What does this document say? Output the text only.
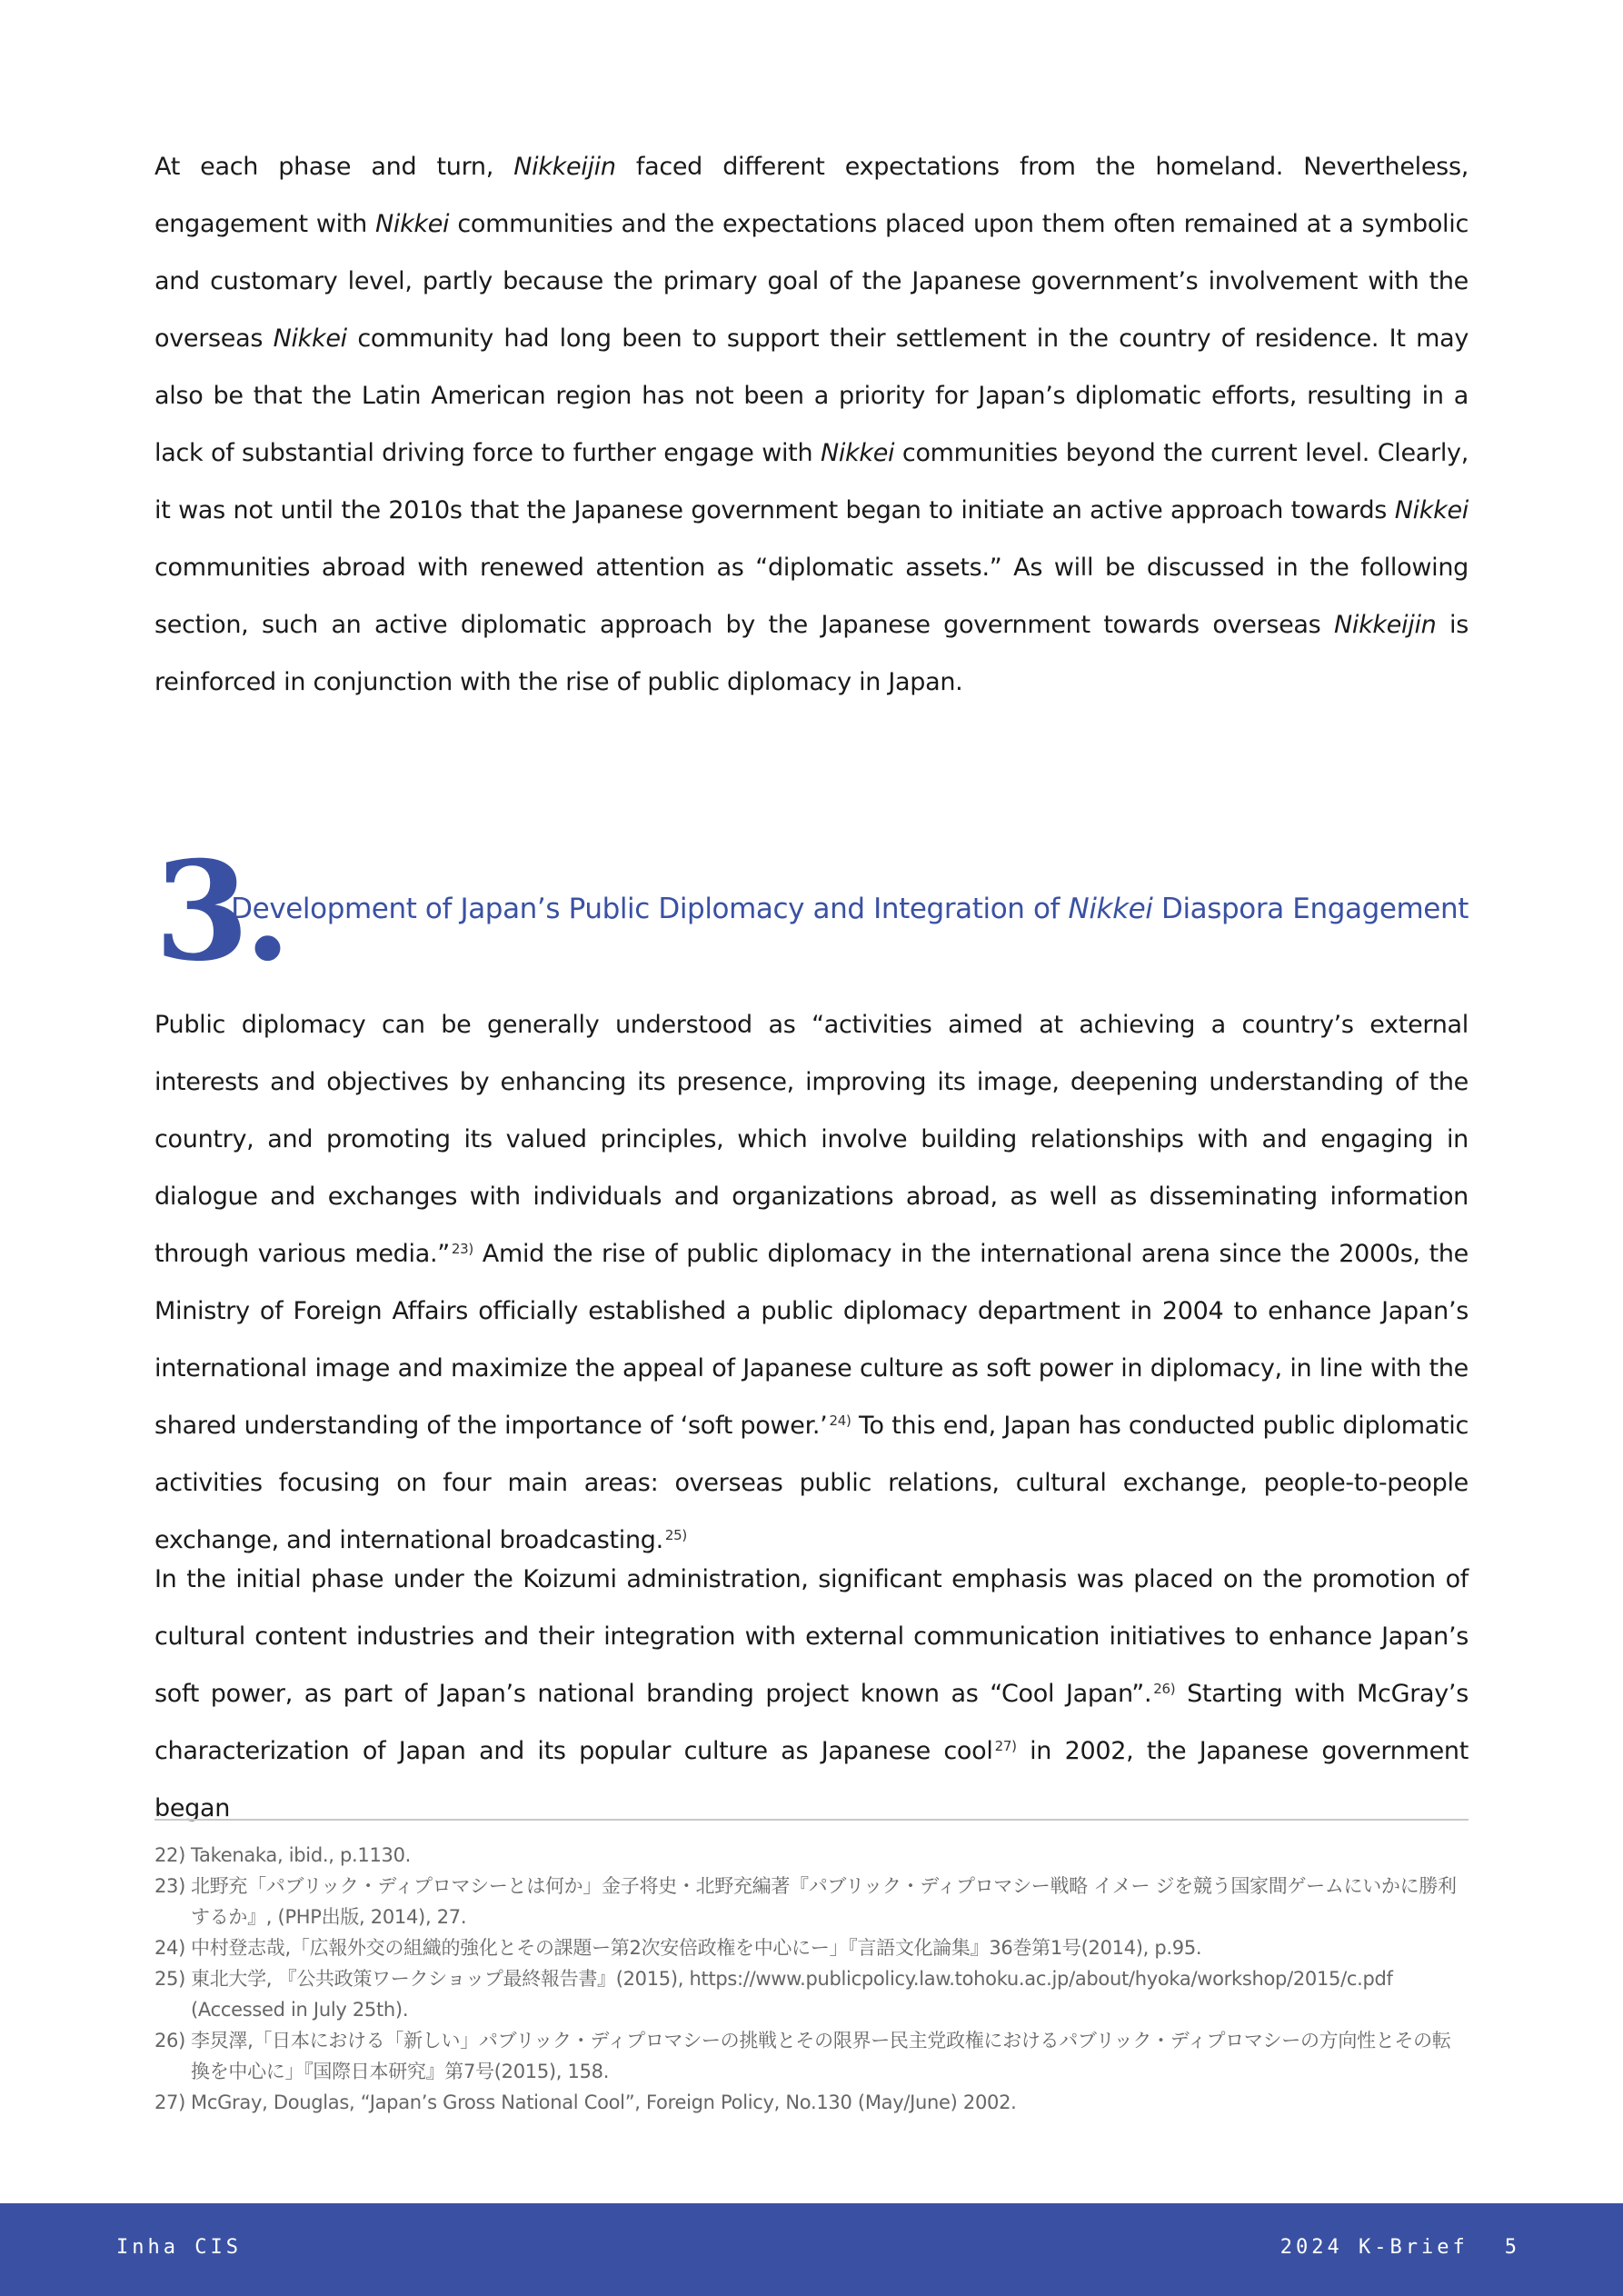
At each phase and turn, Nikkeijin faced different expectations from the homeland. Nevertheless, engagement with Nikkei communities and the expectations placed upon them often remained at a symbolic and customary level, partly because the primary goal of the Japanese government’s involvement with the overseas Nikkei community had long been to support their settlement in the country of residence. It may also be that the Latin American region has not been a priority for Japan’s diplomatic efforts, resulting in a lack of substantial driving force to further engage with Nikkei communities beyond the current level. Clearly, it was not until the 2010s that the Japanese government began to initiate an active approach towards Nikkei communities abroad with renewed attention as “diplomatic assets.” As will be discussed in the following section, such an active diplomatic approach by the Japanese government towards overseas Nikkeijin is reinforced in conjunction with the rise of public diplomacy in Japan.

3.
Development of Japan’s Public Diplomacy and Integration of Nikkei Diaspora Engagement

Public diplomacy can be generally understood as “activities aimed at achieving a country’s external interests and objectives by enhancing its presence, improving its image, deepening understanding of the country, and promoting its valued principles, which involve building relationships with and engaging in dialogue and exchanges with individuals and organizations abroad, as well as disseminating information through various media.” $^{23)}$ Amid the rise of public diplomacy in the international arena since the 2000s, the Ministry of Foreign Affairs officially established a public diplomacy department in 2004 to enhance Japan’s international image and maximize the appeal of Japanese culture as soft power in diplomacy, in line with the shared understanding of the importance of ‘soft power.’ $^{24)}$ To this end, Japan has conducted public diplomatic activities focusing on four main areas: overseas public relations, cultural exchange, people-to-people exchange, and international broadcasting. $^{25)}$

In the initial phase under the Koizumi administration, significant emphasis was placed on the promotion of cultural content industries and their integration with external communication initiatives to enhance Japan’s soft power, as part of Japan’s national branding project known as “Cool Japan”. $^{26)}$ Starting with McGray’s characterization of Japan and its popular culture as Japanese cool $^{27)}$ in 2002, the Japanese government began

22) Takenaka, ibid., p.1130.

23) 北野充「パブリック・ディプロマシーとは何か」金子将史・北野充編著『パブリック・ディプロマシー戦略 イメー ジを競う国家間ゲームにいかに勝利するか』, (PHP出版, 2014), 27.

24) 中村登志哉,「広報外交の組織的強化とその課題ー第2次安倍政権を中心にー」『言語文化論集』36巻第1号(2014), p.95.

25) 東北大学, 『公共政策ワークショップ最終報告書』(2015), https://www.publicpolicy.law.tohoku.ac.jp/about/hyoka/workshop/2015/c.pdf (Accessed in July 25th).

26) 李炅澤,「日本における「新しい」パブリック・ディプロマシーの挑戦とその限界ー民主党政権におけるパブリック・ディプロマシーの方向性とその転換を中心に」『国際日本研究』第7号(2015), 158.

27) McGray, Douglas, “Japan’s Gross National Cool”, Foreign Policy, No.130 (May/June) 2002.

Inha CIS	2024 K-Brief 5
